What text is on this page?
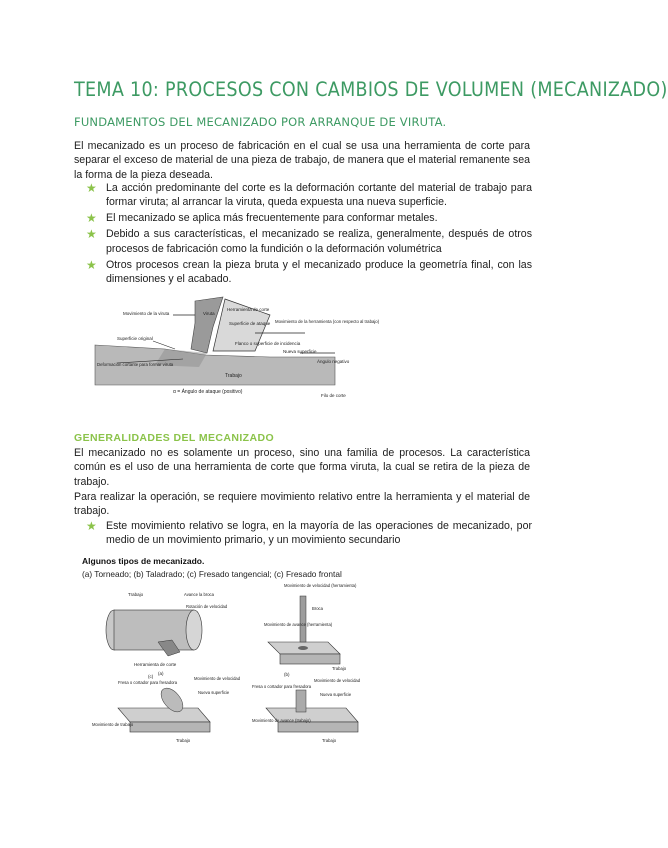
TEMA 10: PROCESOS CON CAMBIOS DE VOLUMEN (MECANIZADO)
FUNDAMENTOS DEL MECANIZADO POR ARRANQUE DE VIRUTA.

El mecanizado es un proceso de fabricación en el cual se usa una herramienta de corte para separar el exceso de material de una pieza de trabajo, de manera que el material remanente sea la forma de la pieza deseada.

★ La acción predominante del corte es la deformación cortante del material de trabajo para formar viruta; al arrancar la viruta, queda expuesta una nueva superficie.
★ El mecanizado se aplica más frecuentemente para conformar metales.
★ Debido a sus características, el mecanizado se realiza, generalmente, después de otros procesos de fabricación como la fundición o la deformación volumétrica
★ Otros procesos crean la pieza bruta y el mecanizado produce la geometría final, con las dimensiones y el acabado.
Movimiento de la viruta	Viruta
Herramienta de corte
Superficie de ataque Movimiento de la herramienta (con respecto al trabajo)
Superficie original
Flanco o superficie de incidencia
Nueva superficie
Ángulo negativo
Deformación cortante para formar viruta
Trabajo
α = Ángulo de ataque (positivo)
Filo de corte
GENERALIDADES DEL MECANIZADO

El mecanizado no es solamente un proceso, sino una familia de procesos. La característica común es el uso de una herramienta de corte que forma viruta, la cual se retira de la pieza de trabajo.

Para realizar la operación, se requiere movimiento relativo entre la herramienta y el material de trabajo.

★ Este movimiento relativo se logra, en la mayoría de las operaciones de mecanizado, por medio de un movimiento primario, y un movimiento secundario
Algunos tipos de mecanizado.
(a) Torneado; (b) Taladrado; (c) Fresado tangencial; (c) Fresado frontal
Trabajo	Avance la broca
Rotación de velocidad
Herramienta de corte
(a)
Movimiento de velocidad (herramienta)
Broca
Movimiento de avance (herramienta)
Trabajo
(b)
Fresa o cortador para fresadora
Movimiento de velocidad
Nueva superficie
Movimiento de trabajo
Trabajo
(c)
Fresa o cortador para fresadora
Movimiento de velocidad
Nueva superficie
Movimiento de avance (trabajo)
Trabajo
